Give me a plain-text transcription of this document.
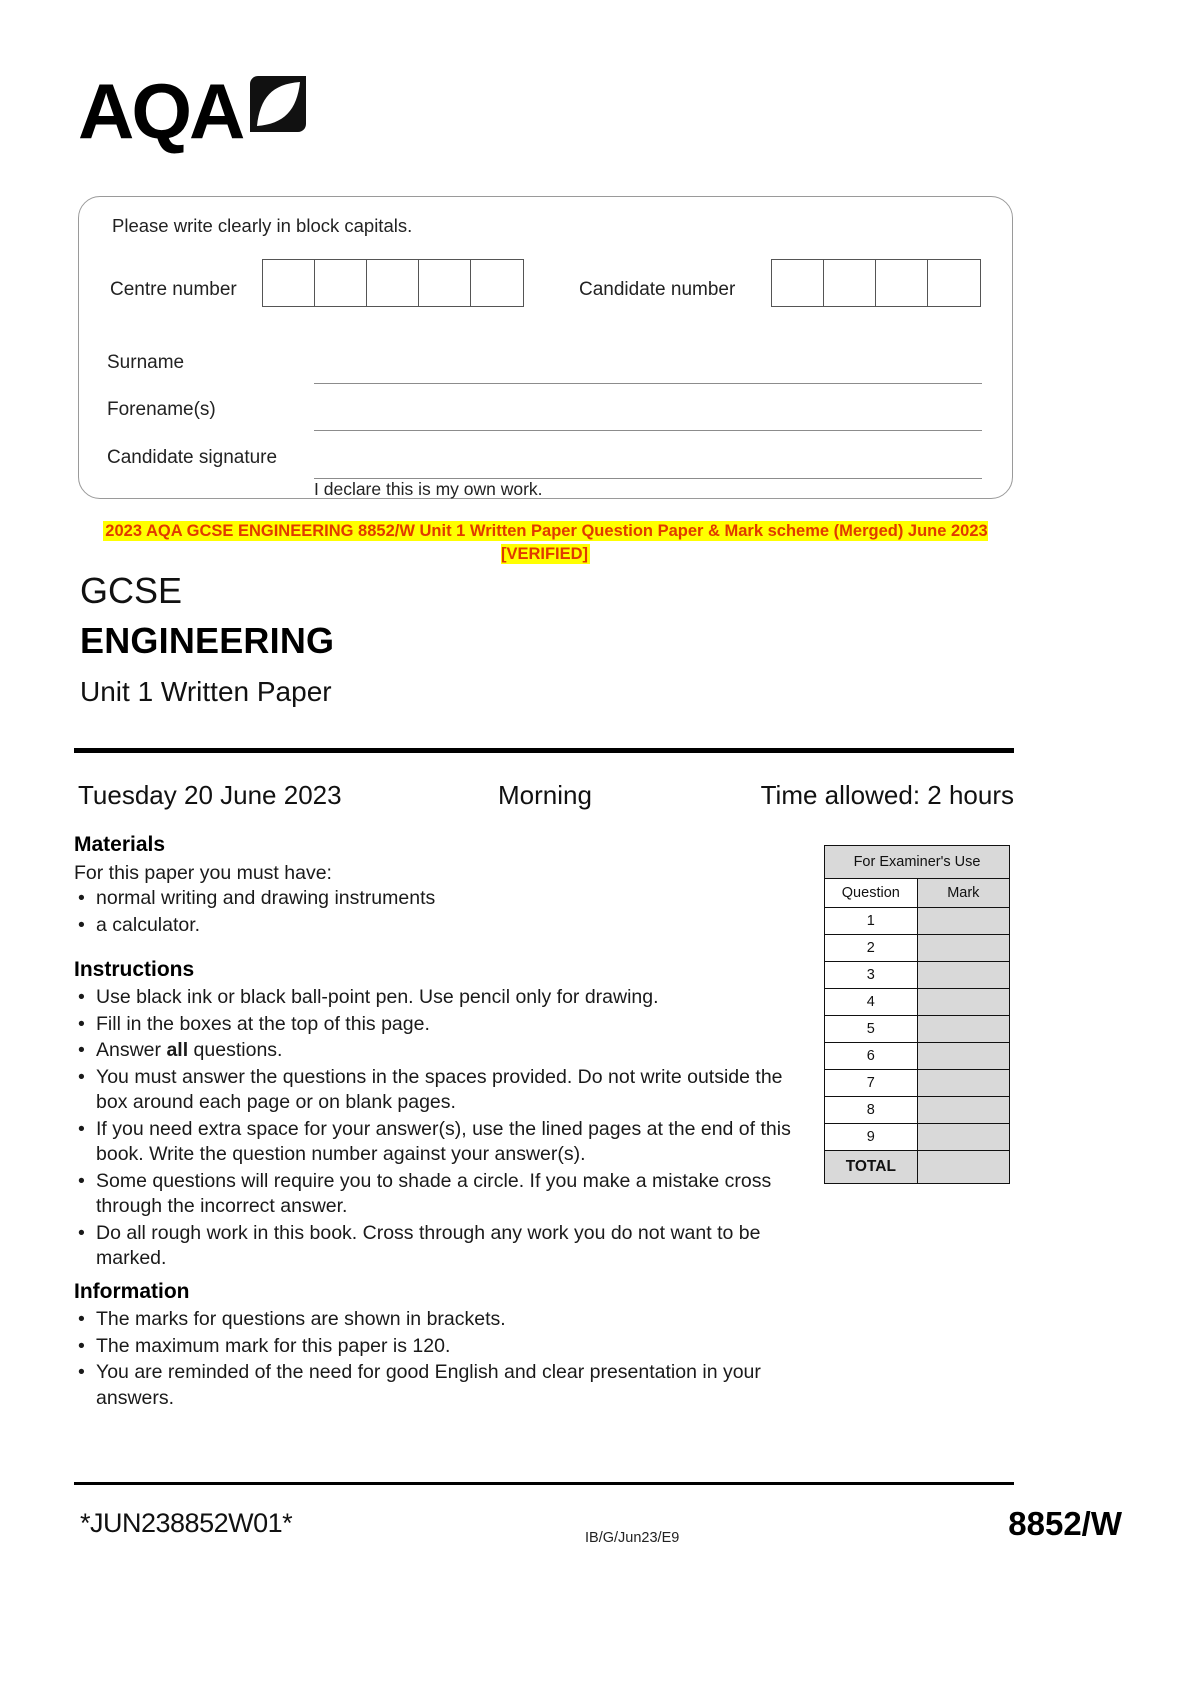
AQA
Please write clearly in block capitals.
Centre number	Candidate number
Surname
Forename(s)
Candidate signature
I declare this is my own work.
2023 AQA GCSE ENGINEERING 8852/W Unit 1 Written Paper Question Paper & Mark scheme (Merged) June 2023 [VERIFIED]
GCSE
ENGINEERING
Unit 1 Written Paper
Tuesday 20 June 2023	Morning	Time allowed: 2 hours
Materials

For this paper you must have:

• normal writing and drawing instruments
• a calculator.
Instructions
• Use black ink or black ball-point pen. Use pencil only for drawing.
• Fill in the boxes at the top of this page.
• Answer all questions.
• You must answer the questions in the spaces provided. Do not write outside the box around each page or on blank pages.
• If you need extra space for your answer(s), use the lined pages at the end of this book. Write the question number against your answer(s).
• Some questions will require you to shade a circle. If you make a mistake cross through the incorrect answer.
• Do all rough work in this book. Cross through any work you do not want to be marked.
Information
• The marks for questions are shown in brackets.
• The maximum mark for this paper is 120.
• You are reminded of the need for good English and clear presentation in your answers.
For Examiner's Use	
Question	Mark
1	
2	
3	
4	
5	
6	
7	
8	
9	
TOTAL	
*JUN238852W01*	IB/G/Jun23/E9	8852/W
